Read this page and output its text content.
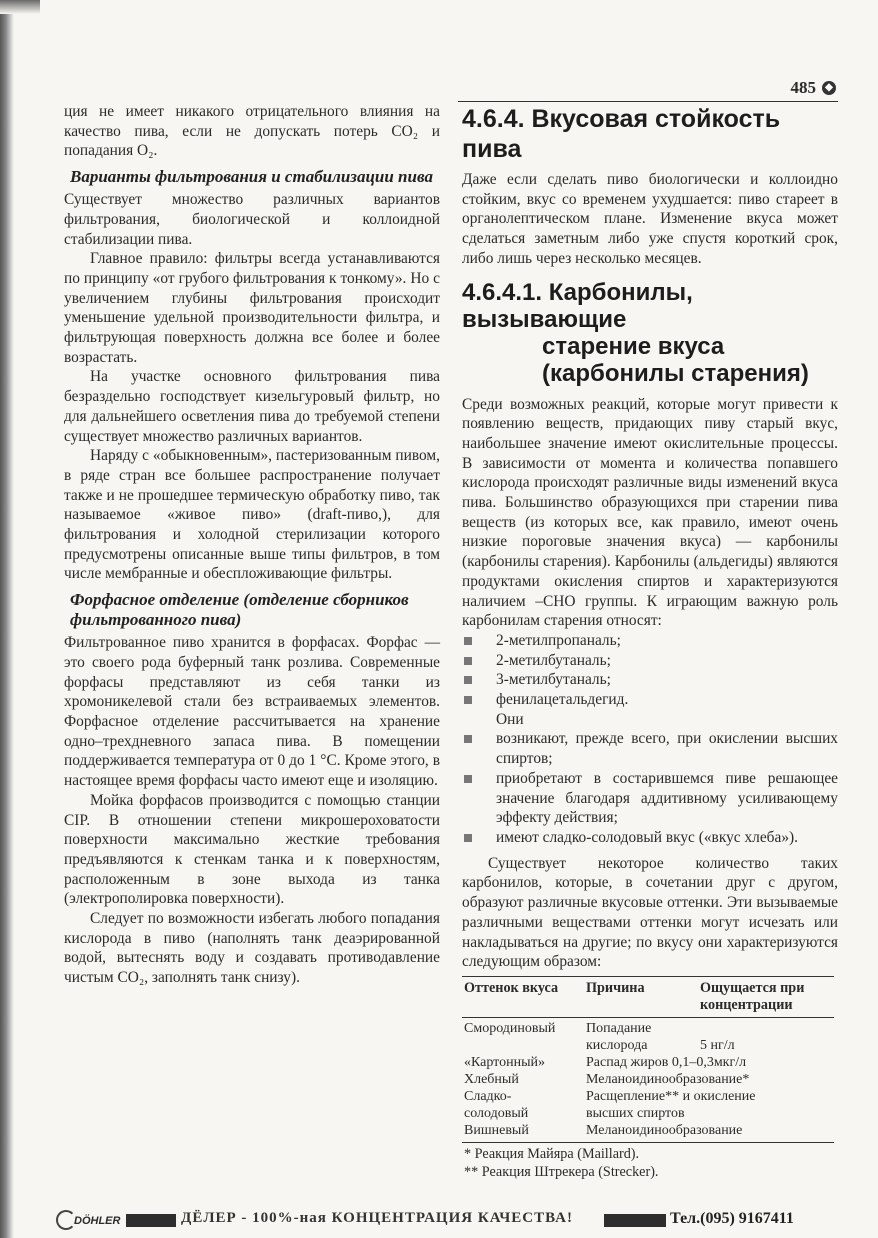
485 ◆

ция не имеет никакого отрицательного влияния на качество пива, если не допускать потерь CO₂ и попадания O₂.

Варианты фильтрования и стабилизации пива

Существует множество различных вариантов фильтрования, биологической и коллоидной стабилизации пива.

Главное правило: фильтры всегда устанавливаются по принципу «от грубого фильтрования к тонкому». Но с увеличением глубины фильтрования происходит уменьшение удельной производительности фильтра, и фильтрующая поверхность должна все более и более возрастать.

На участке основного фильтрования пива безраздельно господствует кизельгуровый фильтр, но для дальнейшего осветления пива до требуемой степени существует множество различных вариантов.

Наряду с «обыкновенным», пастеризованным пивом, в ряде стран все большее распространение получает также и не прошедшее термическую обработку пиво, так называемое «живое пиво» (draft-пиво,), для фильтрования и холодной стерилизации которого предусмотрены описанные выше типы фильтров, в том числе мембранные и обеспложивающие фильтры.

Форфасное отделение (отделение сборников фильтрованного пива)

Фильтрованное пиво хранится в форфасах. Форфас — это своего рода буферный танк розлива. Современные форфасы представляют из себя танки из хромоникелевой стали без встраиваемых элементов. Форфасное отделение рассчитывается на хранение одно–трехдневного запаса пива. В помещении поддерживается температура от 0 до 1 °С. Кроме этого, в настоящее время форфасы часто имеют еще и изоляцию.

Мойка форфасов производится с помощью станции CIP. В отношении степени микрошероховатости поверхности максимально жесткие требования предъявляются к стенкам танка и к поверхностям, расположенным в зоне выхода из танка (электрополировка поверхности).

Следует по возможности избегать любого попадания кислорода в пиво (наполнять танк деаэрированной водой, вытеснять воду и создавать противодавление чистым CO₂, заполнять танк снизу).

4.6.4. Вкусовая стойкость пива

Даже если сделать пиво биологически и коллоидно стойким, вкус со временем ухудшается: пиво стареет в органолептическом плане. Изменение вкуса может сделаться заметным либо уже спустя короткий срок, либо лишь через несколько месяцев.

4.6.4.1. Карбонилы, вызывающие
старение вкуса
(карбонилы старения)

Среди возможных реакций, которые могут привести к появлению веществ, придающих пиву старый вкус, наибольшее значение имеют окислительные процессы. В зависимости от момента и количества попавшего кислорода происходят различные виды изменений вкуса пива. Большинство образующихся при старении пива веществ (из которых все, как правило, имеют очень низкие пороговые значения вкуса) — карбонилы (карбонилы старения). Карбонилы (альдегиды) являются продуктами окисления спиртов и характеризуются наличием –CHO группы. К играющим важную роль карбонилам старения относят:

2-метилпропаналь;
2-метилбутаналь;
3-метилбутаналь;
фенилацетальдегид.
Они
возникают, прежде всего, при окислении высших спиртов;
приобретают в состарившемся пиве решающее значение благодаря аддитивному усиливающему эффекту действия;
имеют сладко-солодовый вкус («вкус хлеба»).

Существует некоторое количество таких карбонилов, которые, в сочетании друг с другом, образуют различные вкусовые оттенки. Эти вызываемые различными веществами оттенки могут исчезать или накладываться на другие; по вкусу они характеризуются следующим образом:

Оттенок вкуса	Причина	Ощущается при концентрации
Смородиновый	Попадание	
	кислорода	5 нг/л
«Картонный»	Распад жиров 0,1–0,3мкг/л	
Хлебный	Меланоидинообразование*	
Сладко-	Расщепление** и окисление	
солодовый	высших спиртов	
Вишневый	Меланоидинообразование	
* Реакция Майяра (Maillard).
** Реакция Штрекера (Strecker).
DÖHLER	ДЁЛЕР - 100%-ная КОНЦЕНТРАЦИЯ КАЧЕСТВА!	Тел.(095) 9167411
